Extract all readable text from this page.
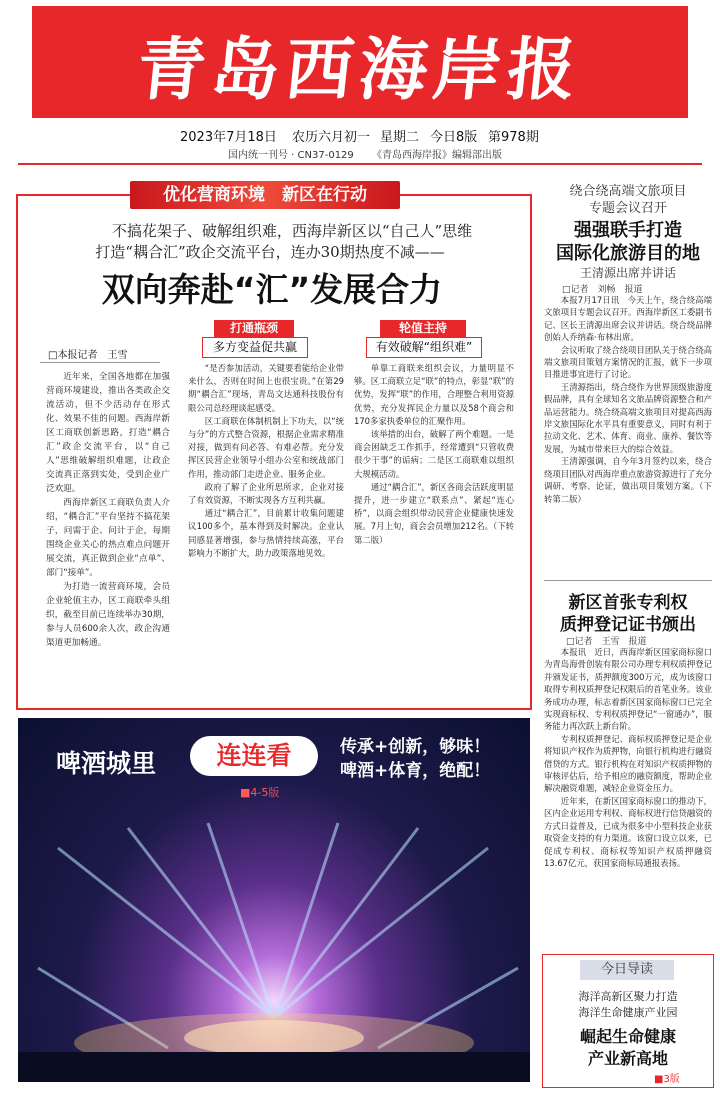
青岛西海岸报
2023年7月18日 农历六月初一 星期二 今日8版 第978期
国内统一刊号 · CN37-0129 《青岛西海岸报》编辑部出版
优化营商环境　新区在行动
不搞花架子、破解组织难，西海岸新区以“自己人”思维
打造“耦合汇”政企交流平台，连办30期热度不减——
双向奔赴“汇”发展合力
打通瓶颈
多方变益促共赢
轮值主持
有效破解“组织难”
□本报记者　王雪

近年来，全国各地都在加强营商环境建设，推出各类政企交流活动，但不少活动存在形式化、效果不佳的问题。西海岸新区工商联创新思路，打造“耦合汇”政企交流平台，以“自己人”思维破解组织难题，让政企交流真正落到实处，受到企业广泛欢迎。

西海岸新区工商联负责人介绍，“耦合汇”平台坚持不搞花架子，问需于企、问计于企，每期围绕企业关心的热点难点问题开展交流，真正做到企业“点单”、部门“接单”。

为打造一流营商环境，会员企业轮值主办，区工商联牵头组织，截至目前已连续举办30期，参与人员600余人次，政企沟通渠道更加畅通。

“是否参加活动，关键要看能给企业带来什么，否则在时间上也很宝贵。”在第29期“耦合汇”现场，青岛文达通科技股份有限公司总经理谈起感受。

区工商联在体制机制上下功夫，以“统与分”的方式整合资源，根据企业需求精准对接，做到有问必答、有难必帮。充分发挥区民营企业领导小组办公室和统战部门作用，推动部门走进企业、服务企业。

政府了解了企业所思所求，企业对接了有效资源，不断实现各方互利共赢。

通过“耦合汇”，目前累计收集问题建议100多个，基本得到及时解决。企业认同感显著增强，参与热情持续高涨，平台影响力不断扩大，助力政策落地见效。

单靠工商联来组织会议，力量明显不够。区工商联立足“联”的特点，彰显“联”的优势，发挥“联”的作用，合理整合利用资源优势，充分发挥民企力量以及58个商会和170多家执委单位的汇聚作用。

该举措的出台，破解了两个难题。一是商会困缺乏工作抓手，经常遭到“只管收费很少干事”的诟病；二是区工商联难以组织大规模活动。

通过“耦合汇”，新区各商会活跃度明显提升，进一步建立“联系点”、紧起“连心桥”，以商会组织带动民营企业健康快速发展。7月上旬，商会会员增加212名。（下转第二版）

啤酒城里	连连看	传承+创新，够味！
啤酒+体育，绝配！
■4-5版
绕合绕高端文旅项目
专题会议召开
强强联手打造
国际化旅游目的地
王清源出席并讲话
□记者　刘畅　报道

本报7月17日讯　今天上午，绕合绕高端文旅项目专题会议召开。西海岸新区工委副书记、区长王清源出席会议并讲话。绕合绕品牌创始人乔纳森·布林出席。

会议听取了绕合绕项目团队关于绕合绕高端文旅项目策划方案情况的汇报，就下一步项目推进事宜进行了讨论。

王清源指出，绕合绕作为世界顶级旅游度假品牌，具有全球知名文旅品牌资源整合和产品运营能力。绕合绕高端文旅项目对提高西海岸文旅国际化水平具有重要意义，同时有利于拉动文化、艺术、体育、商业、康养、餐饮等发展，为城市带来巨大的综合效益。

王清源强调，自今年3月签约以来，绕合绕项目团队对西海岸重点旅游资源进行了充分调研、考察、论证，做出项目策划方案。（下转第二版）

新区首张专利权
质押登记证书颁出
□记者　王雪　报道

本报讯　近日，西海岸新区国家商标窗口为青岛海骨创装有限公司办理专利权质押登记并颁发证书，质押额度300万元，成为该窗口取得专利权质押登记权限后的首笔业务。该业务成功办理，标志着新区国家商标窗口已完全实现商标权、专利权质押登记“一窗通办”，服务能力再次跃上新台阶。

专利权质押登记、商标权质押登记是企业将知识产权作为质押物，向银行机构进行融资借贷的方式。银行机构在对知识产权质押物的审核评估后，给予相应的融资额度，帮助企业解决融资难题，减轻企业资金压力。

近年来，在新区国家商标窗口的推动下，区内企业运用专利权、商标权进行信贷融资的方式日益普及，已成为很多中小型科技企业获取资金支持的有力渠道。该窗口设立以来，已促成专利权、商标权等知识产权质押融资13.67亿元，获国家商标局通报表扬。

今日导读
海洋高新区聚力打造
海洋生命健康产业园
崛起生命健康
产业新高地
■3版
